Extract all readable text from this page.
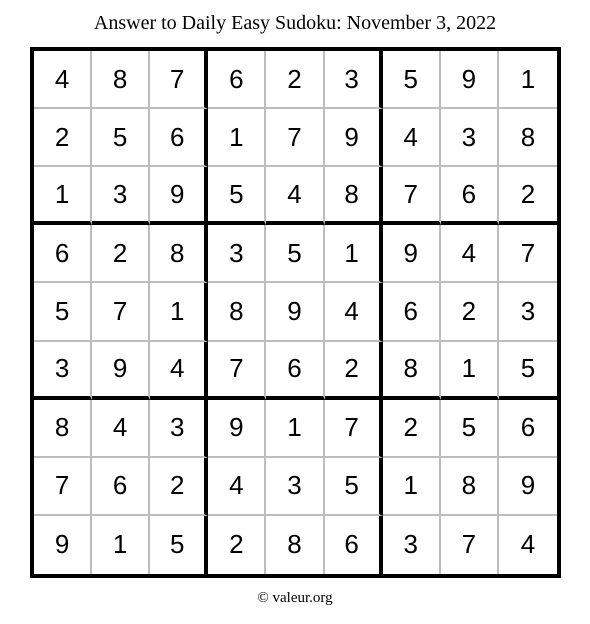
Answer to Daily Easy Sudoku: November 3, 2022
4	8	7	6	2	3	5	9	1
2	5	6	1	7	9	4	3	8
1	3	9	5	4	8	7	6	2
6	2	8	3	5	1	9	4	7
5	7	1	8	9	4	6	2	3
3	9	4	7	6	2	8	1	5
8	4	3	9	1	7	2	5	6
7	6	2	4	3	5	1	8	9
9	1	5	2	8	6	3	7	4
© valeur.org
